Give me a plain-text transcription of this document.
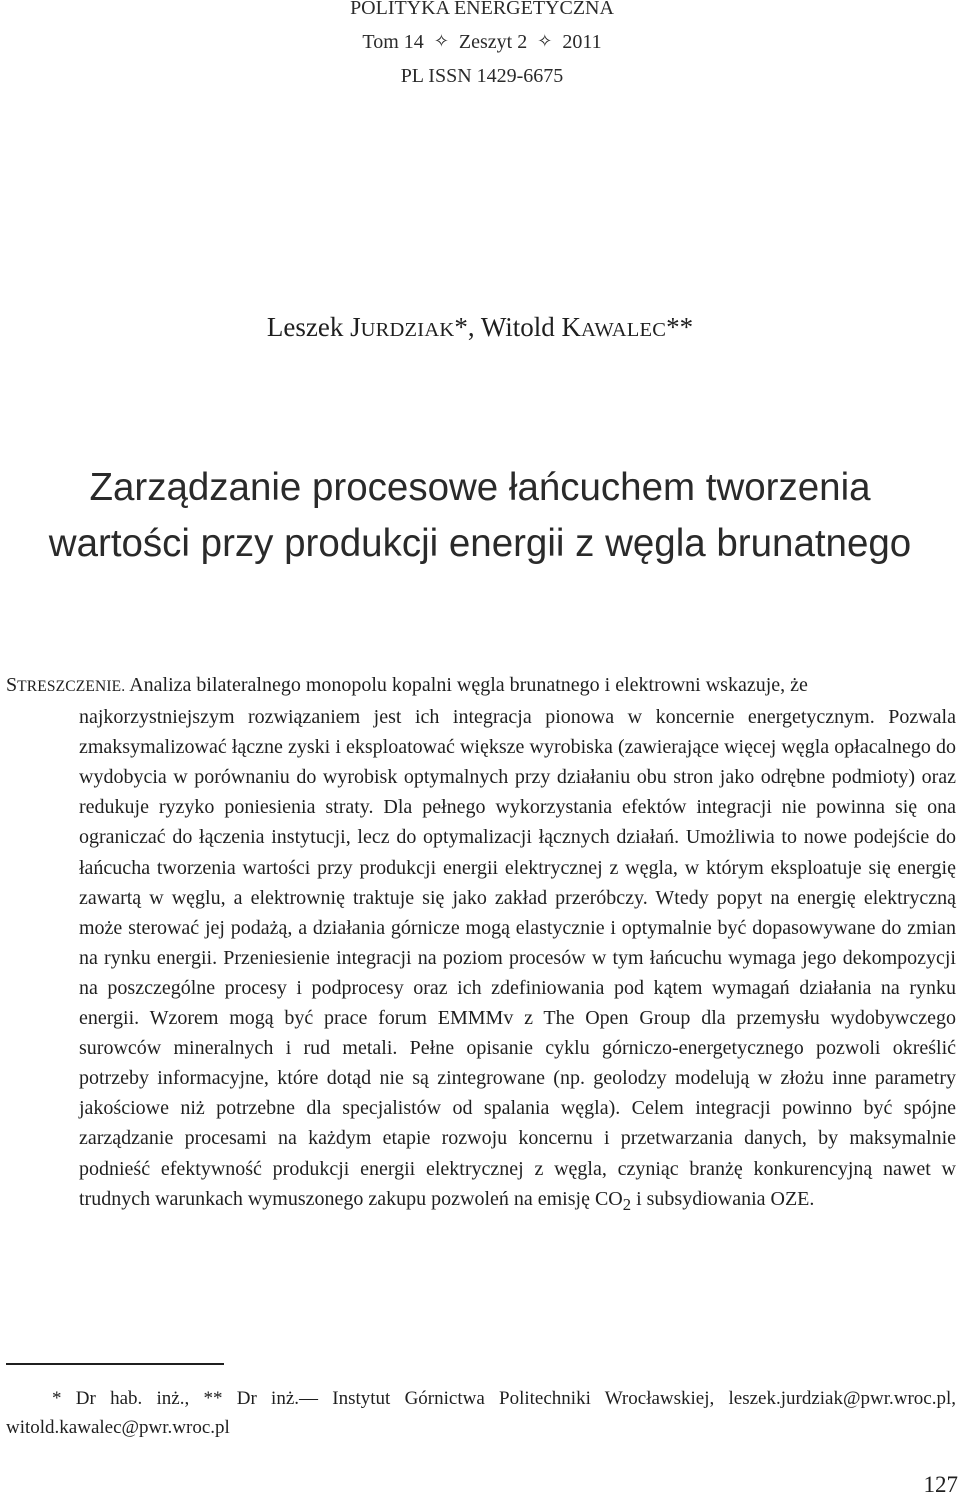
POLITYKA ENERGETYCZNA
Tom 14 ✧ Zeszyt 2 ✧ 2011
PL ISSN 1429-6675
Leszek JURDZIAK*, Witold KAWALEC**
Zarządzanie procesowe łańcuchem tworzenia
wartości przy produkcji energii z węgla brunatnego

STRESZCZENIE. Analiza bilateralnego monopolu kopalni węgla brunatnego i elektrowni wskazuje, że
najkorzystniejszym rozwiązaniem jest ich integracja pionowa w koncernie energetycznym. Pozwala zmaksymalizować łączne zyski i eksploatować większe wyrobiska (zawierające więcej węgla opłacalnego do wydobycia w porównaniu do wyrobisk optymalnych przy działaniu obu stron jako odrębne podmioty) oraz redukuje ryzyko poniesienia straty. Dla pełnego wykorzystania efektów integracji nie powinna się ona ograniczać do łączenia instytucji, lecz do optymalizacji łącznych działań. Umożliwia to nowe podejście do łańcucha tworzenia wartości przy produkcji energii elektrycznej z węgla, w którym eksploatuje się energię zawartą w węglu, a elektrownię traktuje się jako zakład przeróbczy. Wtedy popyt na energię elektryczną może sterować jej podażą, a działania górnicze mogą elastycznie i optymalnie być dopasowywane do zmian na rynku energii. Przeniesienie integracji na poziom procesów w tym łańcuchu wymaga jego dekompozycji na poszczególne procesy i podprocesy oraz ich zdefiniowania pod kątem wymagań działania na rynku energii. Wzorem mogą być prace forum EMMMv z The Open Group dla przemysłu wydobywczego surowców mineralnych i rud metali. Pełne opisanie cyklu górniczo-energetycznego pozwoli określić potrzeby informacyjne, które dotąd nie są zintegrowane (np. geolodzy modelują w złożu inne parametry jakościowe niż potrzebne dla specjalistów od spalania węgla). Celem integracji powinno być spójne zarządzanie procesami na każdym etapie rozwoju koncernu i przetwarzania danych, by maksymalnie podnieść efektywność produkcji energii elektrycznej z węgla, czyniąc branżę konkurencyjną nawet w trudnych warunkach wymuszonego zakupu pozwoleń na emisję $CO_2$ i subsydiowania OZE.

* Dr hab. inż., ** Dr inż.— Instytut Górnictwa Politechniki Wrocławskiej, leszek.jurdziak@pwr.wroc.pl,
witold.kawalec@pwr.wroc.pl

127
